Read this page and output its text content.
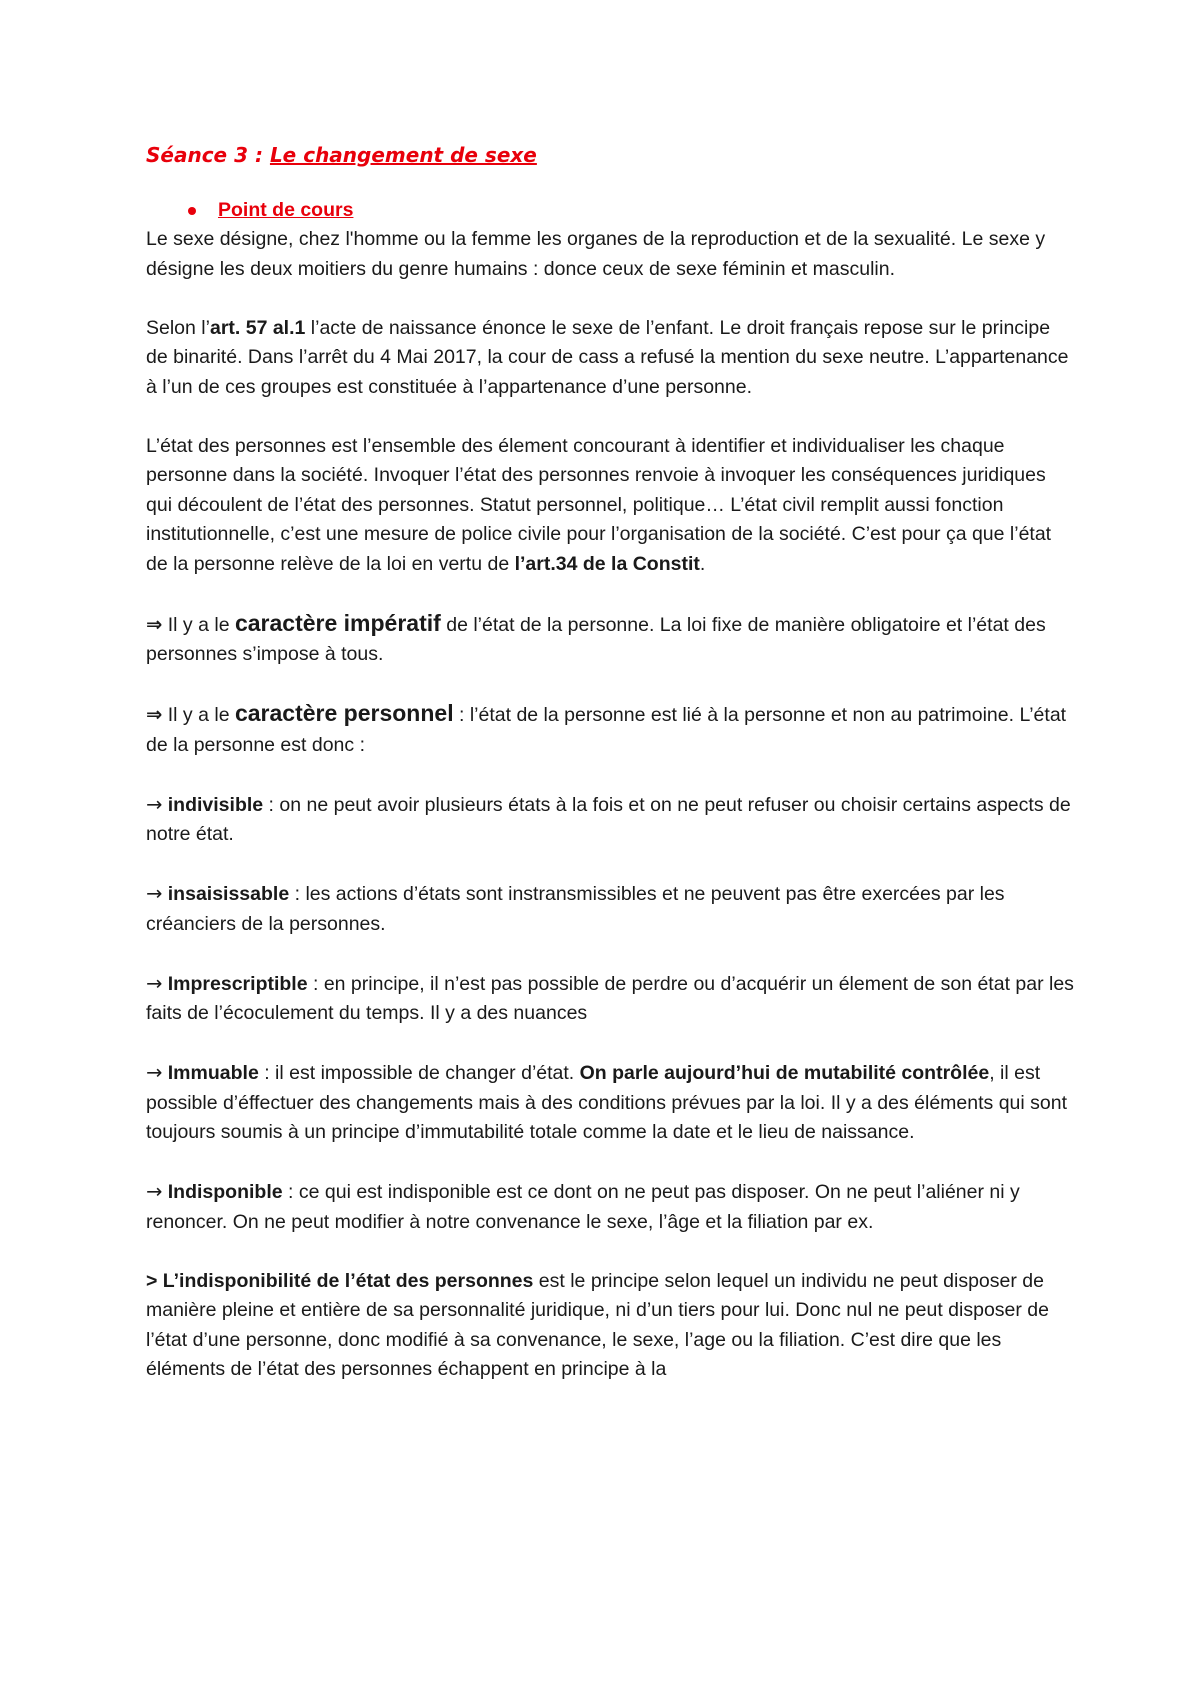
Séance 3 : Le changement de sexe
Point de cours

Le sexe désigne, chez l'homme ou la femme les organes de la reproduction et de la sexualité. Le sexe y désigne les deux moitiers du genre humains : donce ceux de sexe féminin et masculin.

Selon l’art. 57 al.1 l’acte de naissance énonce le sexe de l’enfant. Le droit français repose sur le principe de binarité. Dans l’arrêt du 4 Mai 2017, la cour de cass a refusé la mention du sexe neutre. L’appartenance à l’un de ces groupes est constituée à l’appartenance d’une personne.

L’état des personnes est l’ensemble des élement concourant à identifier et individualiser les chaque personne dans la société. Invoquer l’état des personnes renvoie à invoquer les conséquences juridiques qui découlent de l’état des personnes. Statut personnel, politique… L’état civil remplit aussi fonction institutionnelle, c’est une mesure de police civile pour l’organisation de la société. C’est pour ça que l’état de la personne relève de la loi en vertu de l’art.34 de la Constit.

⇒ Il y a le caractère impératif de l’état de la personne. La loi fixe de manière obligatoire et l’état des personnes s’impose à tous.

⇒ Il y a le caractère personnel : l’état de la personne est lié à la personne et non au patrimoine. L’état de la personne est donc :

→ indivisible : on ne peut avoir plusieurs états à la fois et on ne peut refuser ou choisir certains aspects de notre état.

→ insaisissable : les actions d’états sont instransmissibles et ne peuvent pas être exercées par les créanciers de la personnes.

→ Imprescriptible : en principe, il n’est pas possible de perdre ou d’acquérir un élement de son état par les faits de l’écoculement du temps. Il y a des nuances

→ Immuable : il est impossible de changer d’état. On parle aujourd’hui de mutabilité contrôlée, il est possible d’éffectuer des changements mais à des conditions prévues par la loi. Il y a des éléments qui sont toujours soumis à un principe d’immutabilité totale comme la date et le lieu de naissance.

→ Indisponible : ce qui est indisponible est ce dont on ne peut pas disposer. On ne peut l’aliéner ni y renoncer. On ne peut modifier à notre convenance le sexe, l’âge et la filiation par ex.

> L’indisponibilité de l’état des personnes est le principe selon lequel un individu ne peut disposer de manière pleine et entière de sa personnalité juridique, ni d’un tiers pour lui. Donc nul ne peut disposer de l’état d’une personne, donc modifié à sa convenance, le sexe, l’age ou la filiation. C’est dire que les éléments de l’état des personnes échappent en principe à la
